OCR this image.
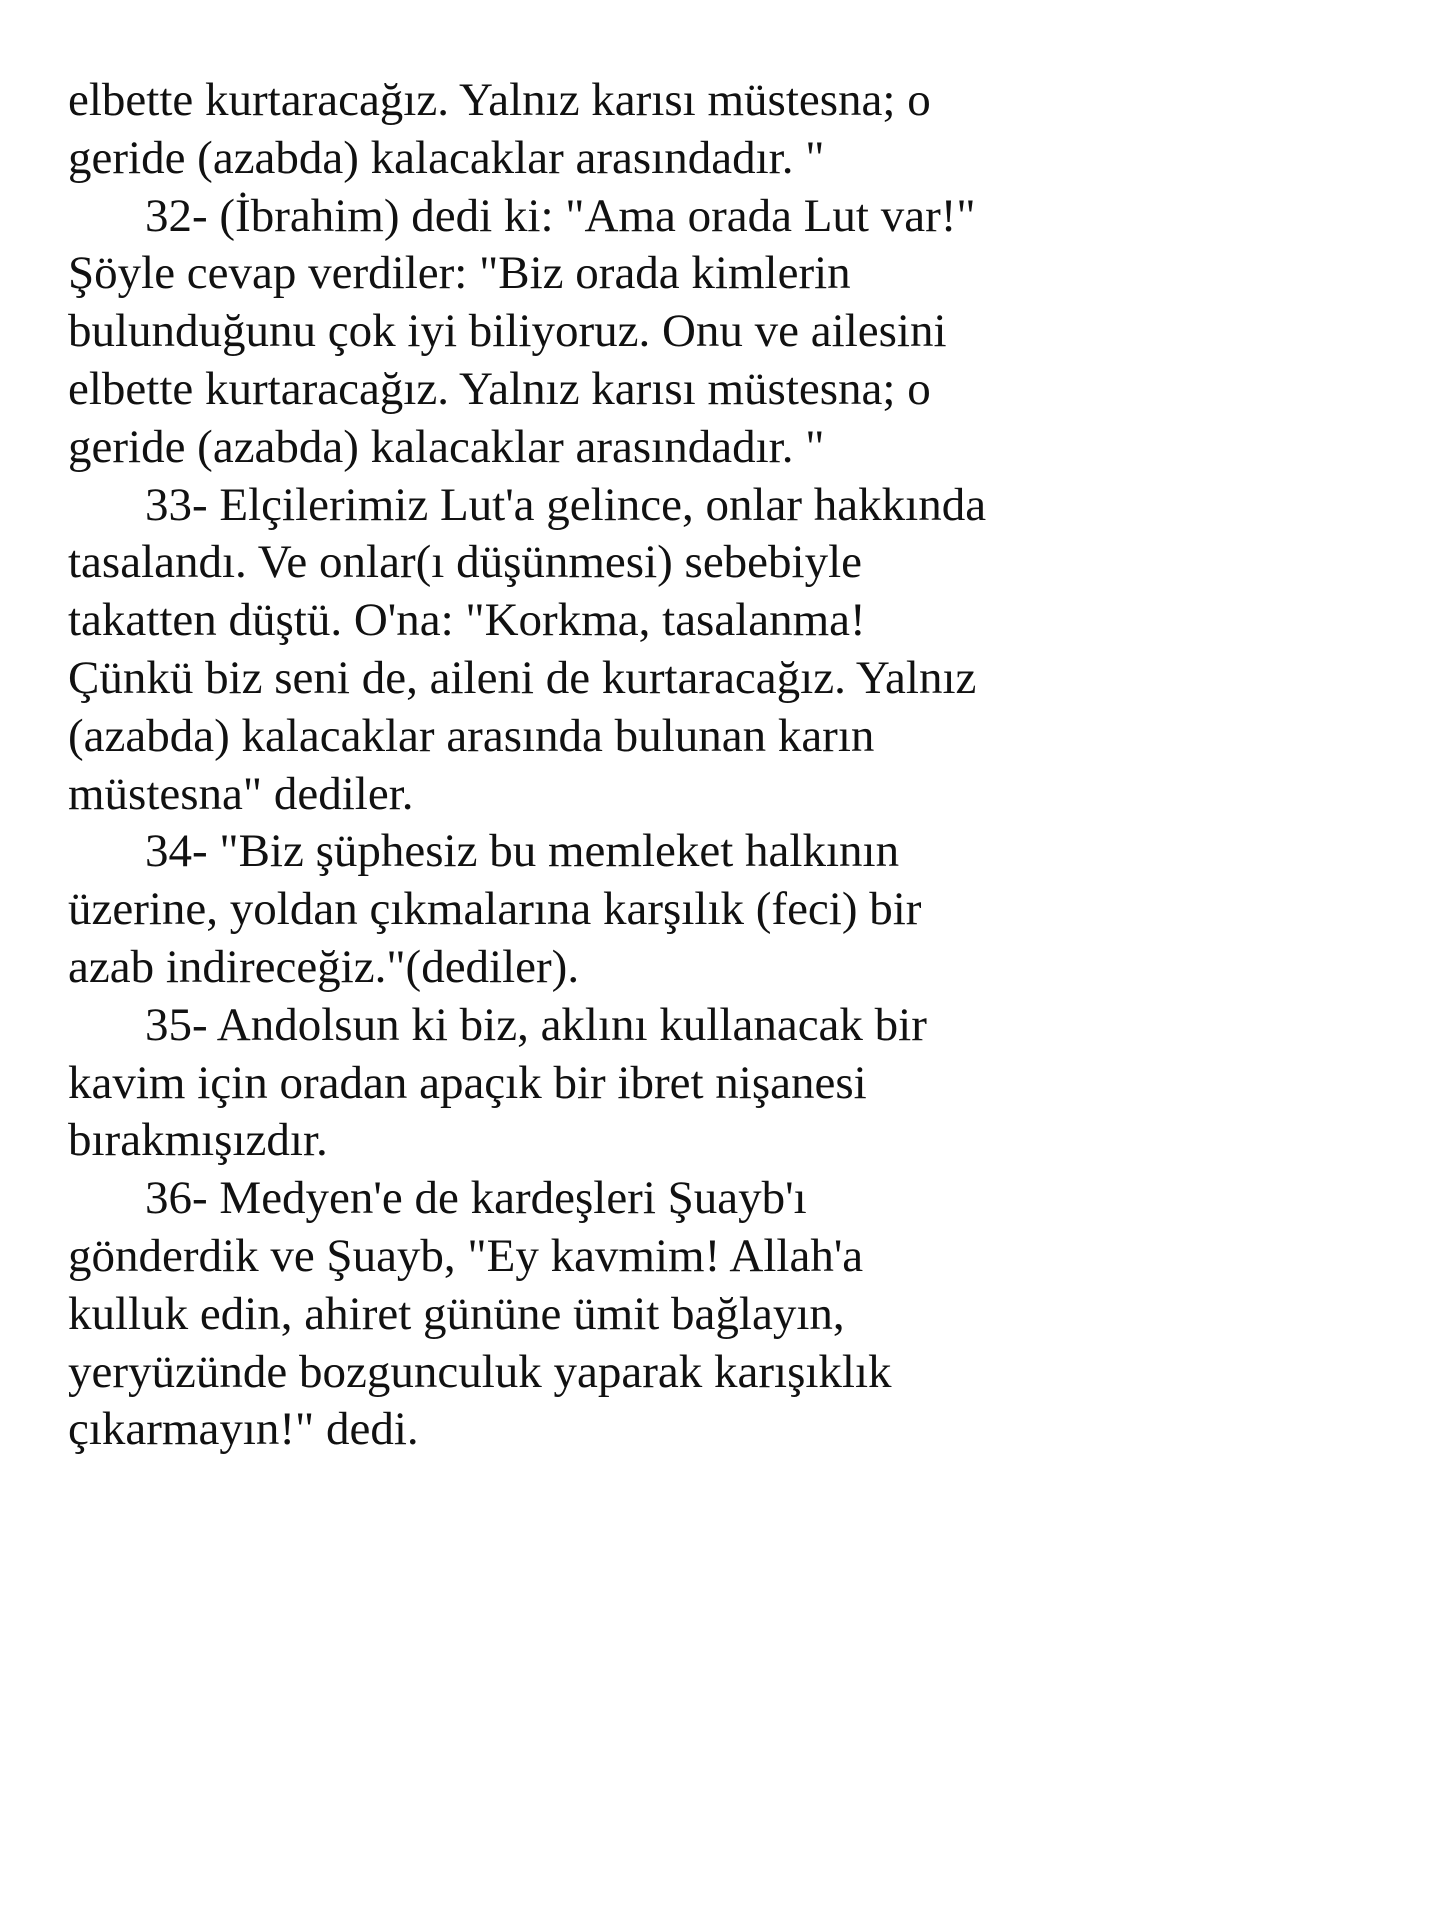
elbette kurtaracağız. Yalnız karısı müstesna; o
geride (azabda) kalacaklar arasındadır. "
32- (İbrahim) dedi ki: "Ama orada Lut var!"
Şöyle cevap verdiler: "Biz orada kimlerin
bulunduğunu çok iyi biliyoruz. Onu ve ailesini
elbette kurtaracağız. Yalnız karısı müstesna; o
geride (azabda) kalacaklar arasındadır. "
33- Elçilerimiz Lut'a gelince, onlar hakkında
tasalandı. Ve onlar(ı düşünmesi) sebebiyle
takatten düştü. O'na: "Korkma, tasalanma!
Çünkü biz seni de, aileni de kurtaracağız. Yalnız
(azabda) kalacaklar arasında bulunan karın
müstesna" dediler.
34- "Biz şüphesiz bu memleket halkının
üzerine, yoldan çıkmalarına karşılık (feci) bir
azab indireceğiz."(dediler).
35- Andolsun ki biz, aklını kullanacak bir
kavim için oradan apaçık bir ibret nişanesi
bırakmışızdır.
36- Medyen'e de kardeşleri Şuayb'ı
gönderdik ve Şuayb, "Ey kavmim! Allah'a
kulluk edin, ahiret gününe ümit bağlayın,
yeryüzünde bozgunculuk yaparak karışıklık
çıkarmayın!" dedi.
